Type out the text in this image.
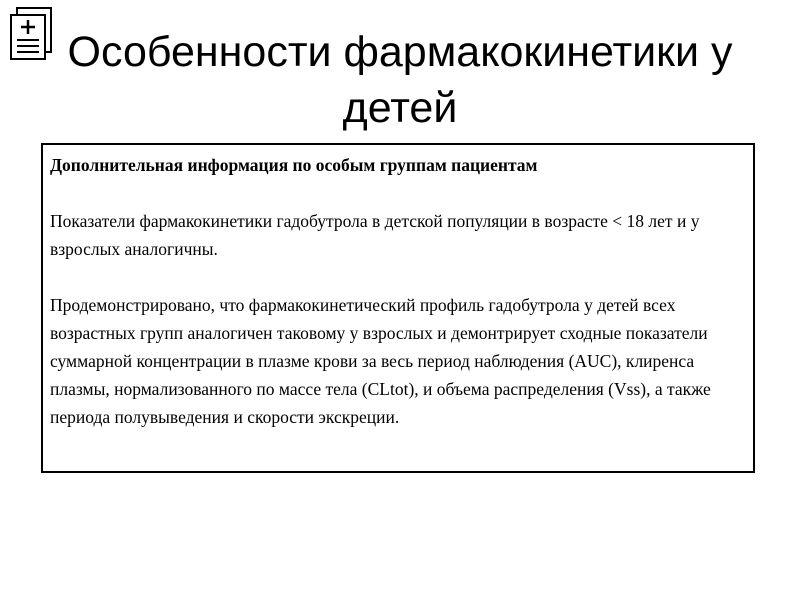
Особенности фармакокинетики у
детей

Дополнительная информация по особым группам пациентам

Показатели фармакокинетики гадобутрола в детской популяции в возрасте < 18 лет и у взрослых аналогичны.

Продемонстрировано, что фармакокинетический профиль гадобутрола у детей всех возрастных групп аналогичен таковому у взрослых и демонтрирует сходные показатели суммарной концентрации в плазме крови за весь период наблюдения (AUC), клиренса плазмы, нормализованного по массе тела (CLtot), и объема распределения (Vss), а также периода полувыведения и скорости экскреции.
